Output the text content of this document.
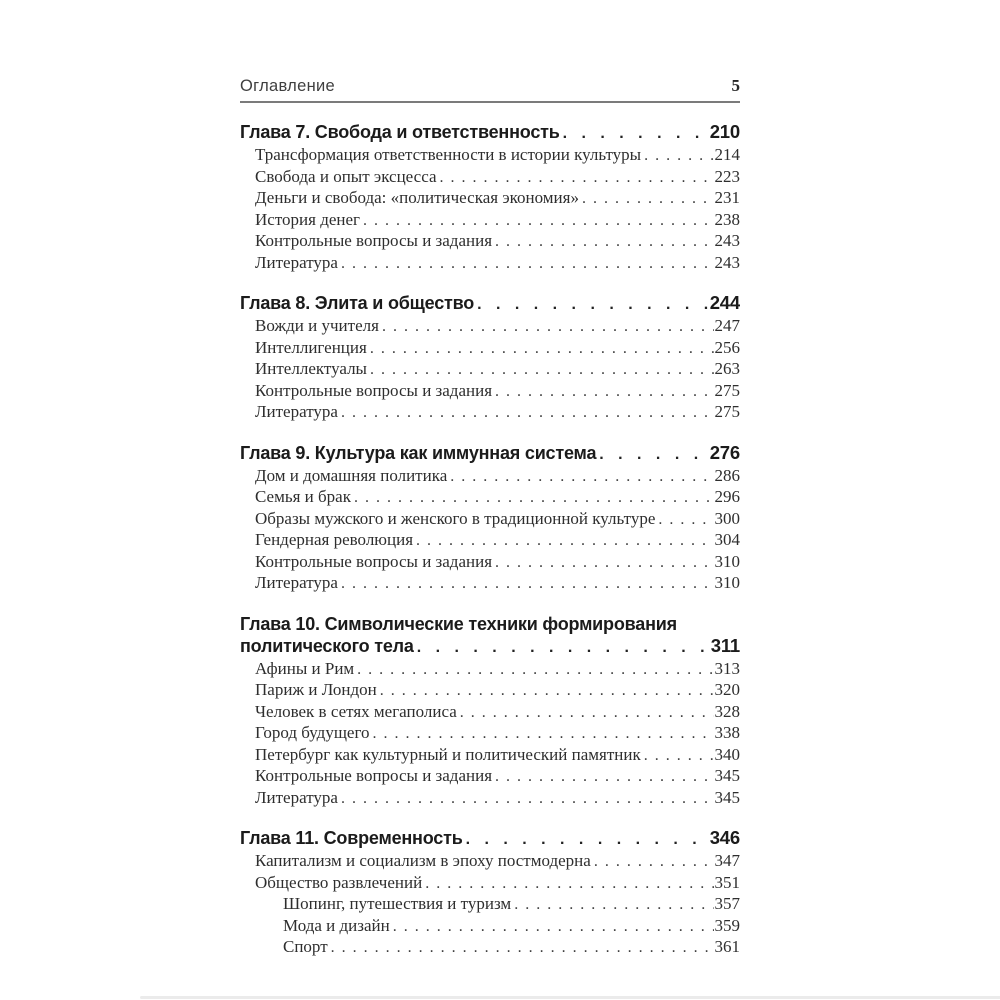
Оглавление	5
Глава 7. Свобода и ответственность . . .	210
Трансформация ответственности в истории культуры . . .	214
Свобода и опыт эксцесса . . .	223
Деньги и свобода: «политическая экономия» . . .	231
История денег . . .	238
Контрольные вопросы и задания . . .	243
Литература . . .	243
Глава 8. Элита и общество . . .	244
Вожди и учителя . . .	247
Интеллигенция . . .	256
Интеллектуалы . . .	263
Контрольные вопросы и задания . . .	275
Литература . . .	275
Глава 9. Культура как иммунная система . . .	276
Дом и домашняя политика . . .	286
Семья и брак . . .	296
Образы мужского и женского в традиционной культуре . . .	300
Гендерная революция . . .	304
Контрольные вопросы и задания . . .	310
Литература . . .	310
Глава 10. Символические техники формирования
политического тела . . .	311
Афины и Рим . . .	313
Париж и Лондон . . .	320
Человек в сетях мегаполиса . . .	328
Город будущего . . .	338
Петербург как культурный и политический памятник . . .	340
Контрольные вопросы и задания . . .	345
Литература . . .	345
Глава 11. Современность . . .	346
Капитализм и социализм в эпоху постмодерна . . .	347
Общество развлечений . . .	351
Шопинг, путешествия и туризм . . .	357
Мода и дизайн . . .	359
Спорт . . .	361
